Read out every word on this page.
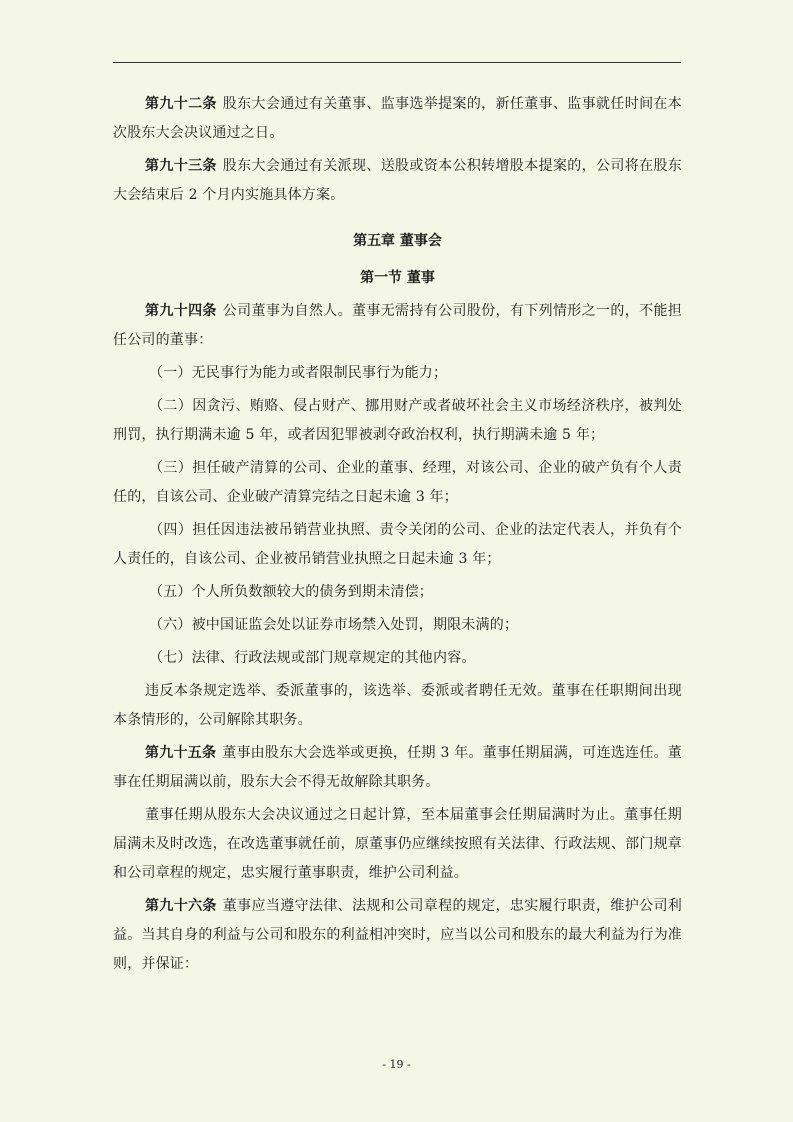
第九十二条 股东大会通过有关董事、监事选举提案的，新任董事、监事就任时间在本次股东大会决议通过之日。

第九十三条 股东大会通过有关派现、送股或资本公积转增股本提案的，公司将在股东大会结束后 2 个月内实施具体方案。

第五章 董事会

第一节 董事

第九十四条 公司董事为自然人。董事无需持有公司股份，有下列情形之一的，不能担任公司的董事：

（一）无民事行为能力或者限制民事行为能力；

（二）因贪污、贿赂、侵占财产、挪用财产或者破坏社会主义市场经济秩序，被判处刑罚，执行期满未逾 5 年，或者因犯罪被剥夺政治权利，执行期满未逾 5 年；

（三）担任破产清算的公司、企业的董事、经理，对该公司、企业的破产负有个人责任的，自该公司、企业破产清算完结之日起未逾 3 年；

（四）担任因违法被吊销营业执照、责令关闭的公司、企业的法定代表人，并负有个人责任的，自该公司、企业被吊销营业执照之日起未逾 3 年；

（五）个人所负数额较大的债务到期未清偿；

（六）被中国证监会处以证券市场禁入处罚，期限未满的；

（七）法律、行政法规或部门规章规定的其他内容。

违反本条规定选举、委派董事的，该选举、委派或者聘任无效。董事在任职期间出现本条情形的，公司解除其职务。

第九十五条 董事由股东大会选举或更换，任期 3 年。董事任期届满，可连选连任。董事在任期届满以前，股东大会不得无故解除其职务。

董事任期从股东大会决议通过之日起计算，至本届董事会任期届满时为止。董事任期届满未及时改选，在改选董事就任前，原董事仍应继续按照有关法律、行政法规、部门规章和公司章程的规定，忠实履行董事职责，维护公司利益。

第九十六条 董事应当遵守法律、法规和公司章程的规定，忠实履行职责，维护公司利益。当其自身的利益与公司和股东的利益相冲突时，应当以公司和股东的最大利益为行为准则，并保证：

- 19 -
